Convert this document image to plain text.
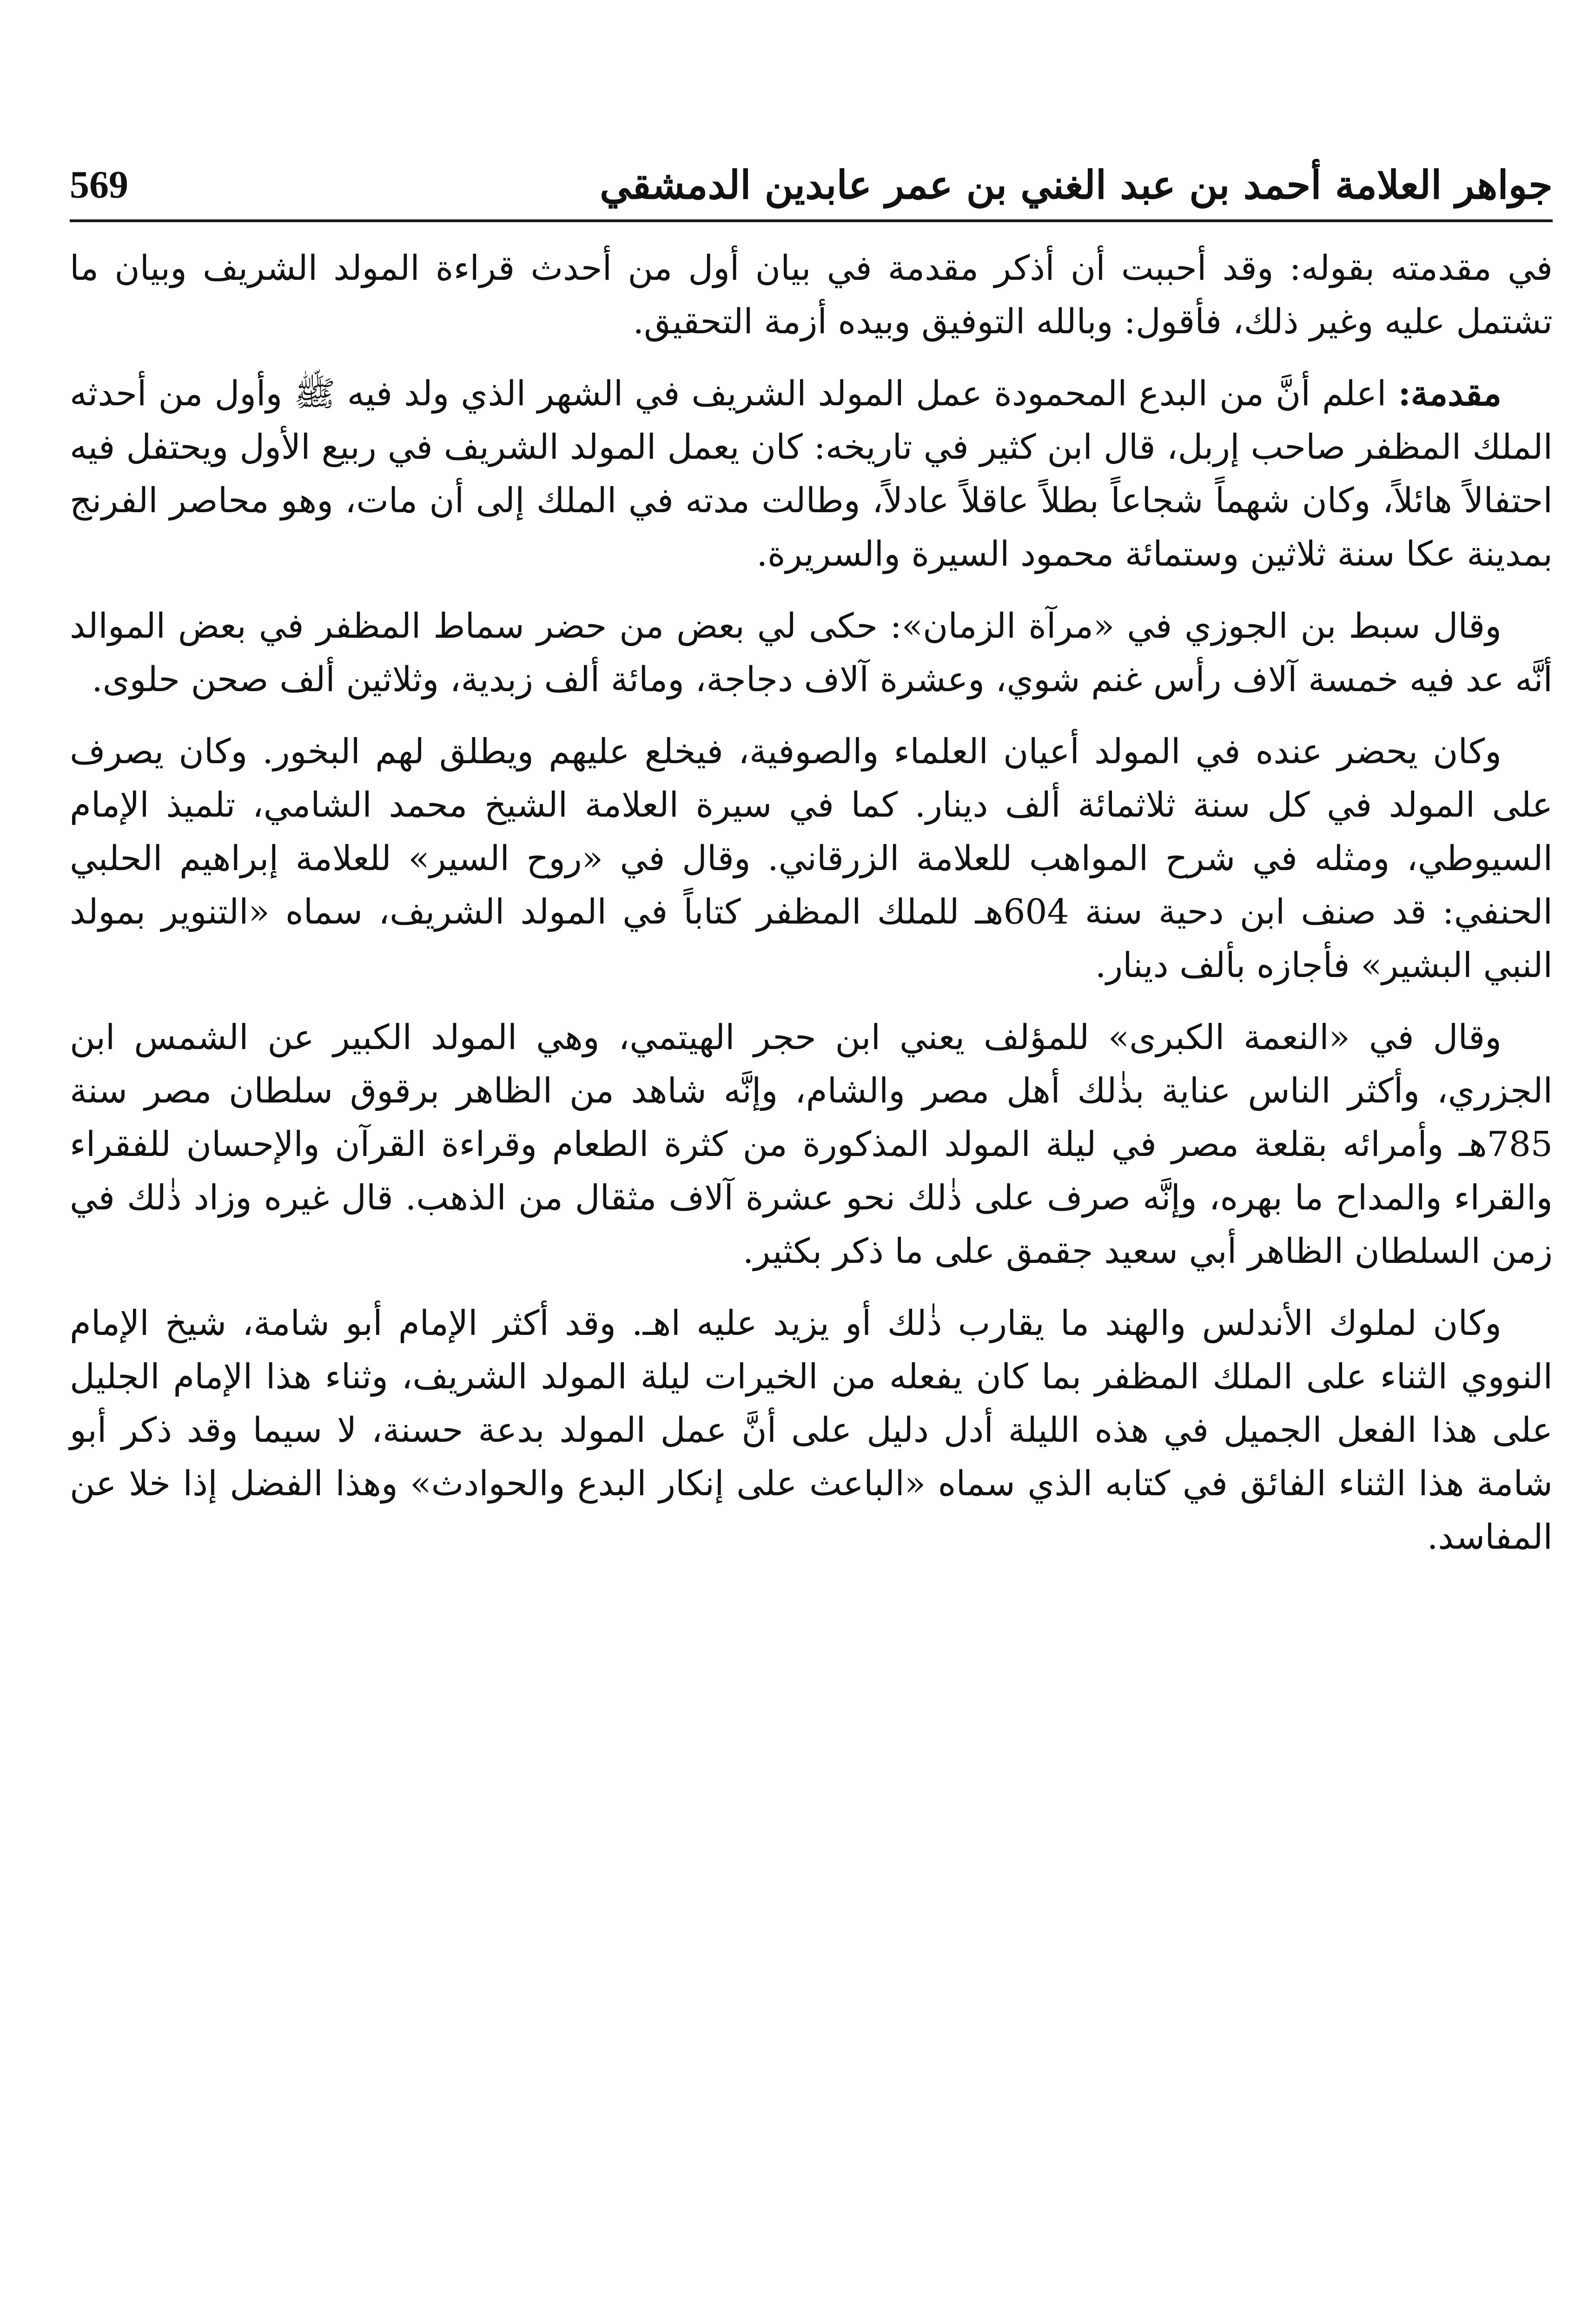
جواهر العلامة أحمد بن عبد الغني بن عمر عابدين الدمشقي
569

في مقدمته بقوله: وقد أحببت أن أذكر مقدمة في بيان أول من أحدث قراءة المولد الشريف وبيان ما تشتمل عليه وغير ذلك، فأقول: وبالله التوفيق وبيده أزمة التحقيق.

مقدمة: اعلم أنَّ من البدع المحمودة عمل المولد الشريف في الشهر الذي ولد فيه ﷺ وأول من أحدثه الملك المظفر صاحب إربل، قال ابن كثير في تاريخه: كان يعمل المولد الشريف في ربيع الأول ويحتفل فيه احتفالاً هائلاً، وكان شهماً شجاعاً بطلاً عاقلاً عادلاً، وطالت مدته في الملك إلى أن مات، وهو محاصر الفرنج بمدينة عكا سنة ثلاثين وستمائة محمود السيرة والسريرة.

وقال سبط بن الجوزي في «مرآة الزمان»: حكى لي بعض من حضر سماط المظفر في بعض الموالد أنَّه عد فيه خمسة آلاف رأس غنم شوي، وعشرة آلاف دجاجة، ومائة ألف زبدية، وثلاثين ألف صحن حلوى.

وكان يحضر عنده في المولد أعيان العلماء والصوفية، فيخلع عليهم ويطلق لهم البخور. وكان يصرف على المولد في كل سنة ثلاثمائة ألف دينار. كما في سيرة العلامة الشيخ محمد الشامي، تلميذ الإمام السيوطي، ومثله في شرح المواهب للعلامة الزرقاني. وقال في «روح السير» للعلامة إبراهيم الحلبي الحنفي: قد صنف ابن دحية سنة 604هـ للملك المظفر كتاباً في المولد الشريف، سماه «التنوير بمولد النبي البشير» فأجازه بألف دينار.

وقال في «النعمة الكبرى» للمؤلف يعني ابن حجر الهيتمي، وهي المولد الكبير عن الشمس ابن الجزري، وأكثر الناس عناية بذٰلك أهل مصر والشام، وإنَّه شاهد من الظاهر برقوق سلطان مصر سنة 785هـ وأمرائه بقلعة مصر في ليلة المولد المذكورة من كثرة الطعام وقراءة القرآن والإحسان للفقراء والقراء والمداح ما بهره، وإنَّه صرف على ذٰلك نحو عشرة آلاف مثقال من الذهب. قال غيره وزاد ذٰلك في زمن السلطان الظاهر أبي سعيد جقمق على ما ذكر بكثير.

وكان لملوك الأندلس والهند ما يقارب ذٰلك أو يزيد عليه اهـ. وقد أكثر الإمام أبو شامة، شيخ الإمام النووي الثناء على الملك المظفر بما كان يفعله من الخيرات ليلة المولد الشريف، وثناء هذا الإمام الجليل على هذا الفعل الجميل في هذه الليلة أدل دليل على أنَّ عمل المولد بدعة حسنة، لا سيما وقد ذكر أبو شامة هذا الثناء الفائق في كتابه الذي سماه «الباعث على إنكار البدع والحوادث» وهذا الفضل إذا خلا عن المفاسد.
